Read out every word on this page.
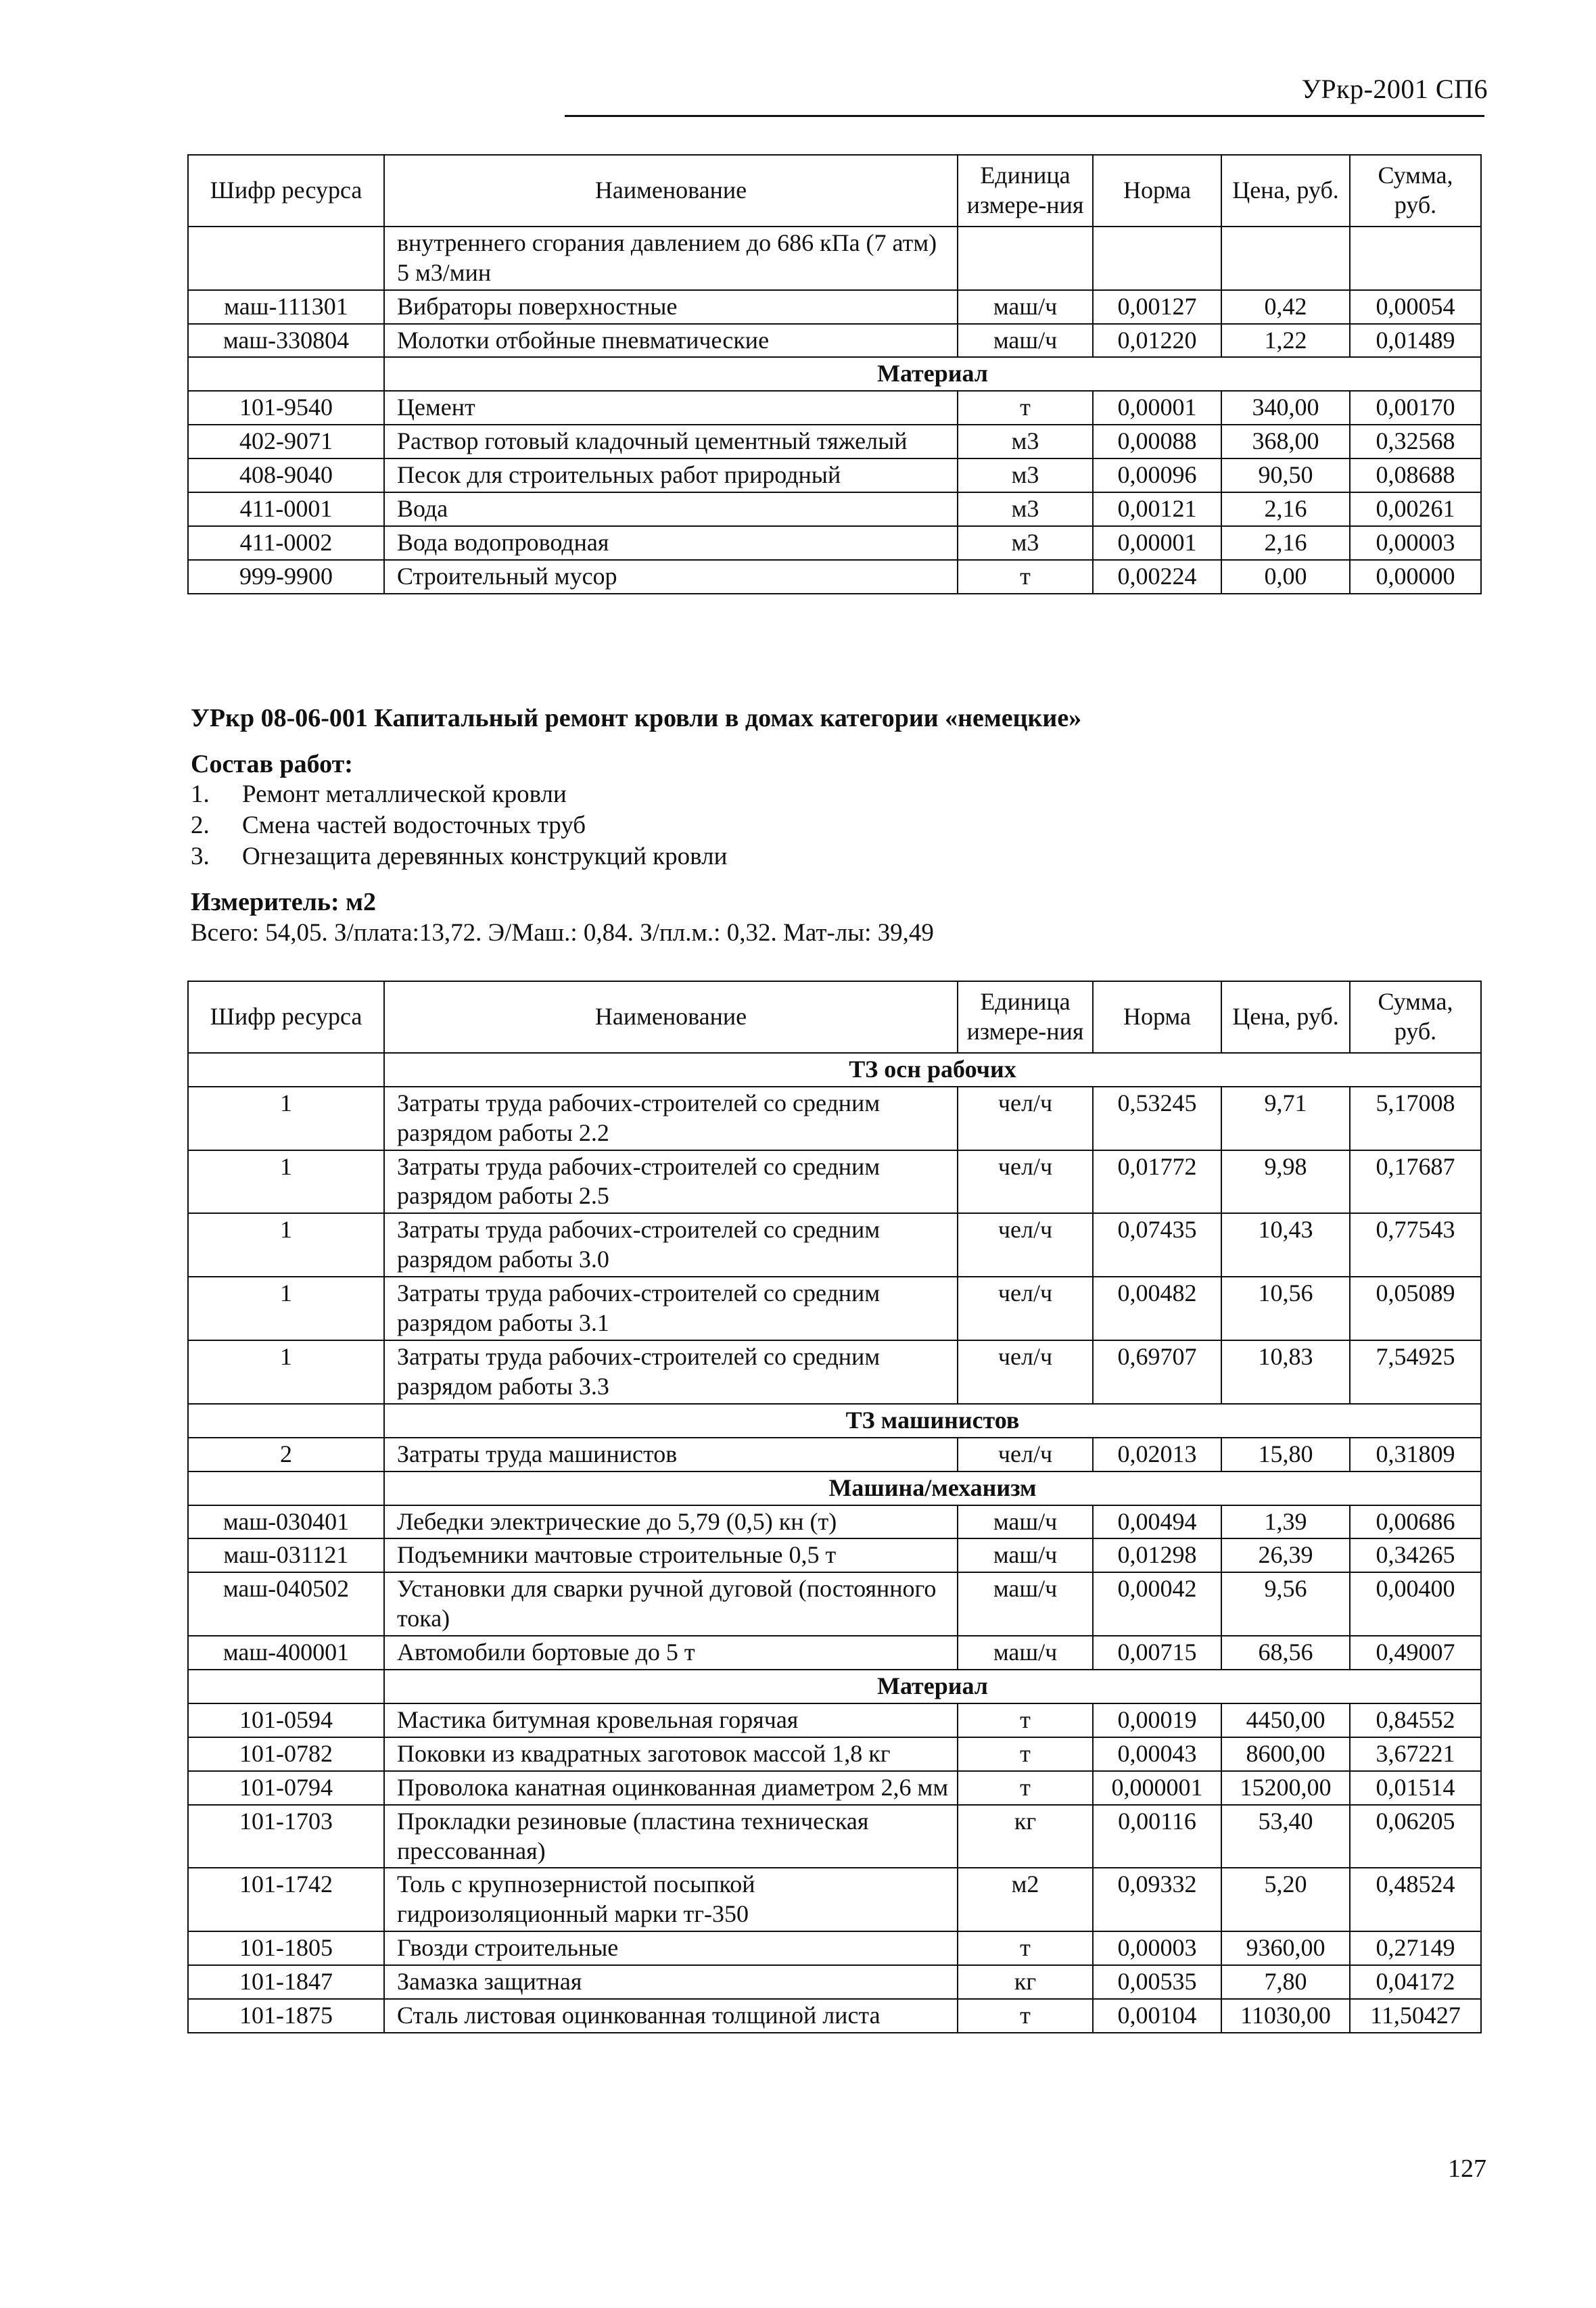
УРкр-2001 СП6
Шифр ресурса	Наименование	Единица измере-ния	Норма	Цена, руб.	Сумма, руб.
	внутреннего сгорания давлением до 686 кПа (7 атм) 5 м3/мин				
маш-111301	Вибраторы поверхностные	маш/ч	0,00127	0,42	0,00054
маш-330804	Молотки отбойные пневматические	маш/ч	0,01220	1,22	0,01489
	Материал				
101-9540	Цемент	т	0,00001	340,00	0,00170
402-9071	Раствор готовый кладочный цементный тяжелый	м3	0,00088	368,00	0,32568
408-9040	Песок для строительных работ природный	м3	0,00096	90,50	0,08688
411-0001	Вода	м3	0,00121	2,16	0,00261
411-0002	Вода водопроводная	м3	0,00001	2,16	0,00003
999-9900	Строительный мусор	т	0,00224	0,00	0,00000
УРкр 08-06-001 Капитальный ремонт кровли в домах категории «немецкие»
Состав работ:
1. Ремонт металлической кровли
2. Смена частей водосточных труб
3. Огнезащита деревянных конструкций кровли
Измеритель: м2
Всего: 54,05. З/плата:13,72. Э/Маш.: 0,84. З/пл.м.: 0,32. Мат-лы: 39,49
Шифр ресурса	Наименование	Единица измере-ния	Норма	Цена, руб.	Сумма, руб.
	ТЗ осн рабочих				
1	Затраты труда рабочих-строителей со средним разрядом работы 2.2	чел/ч	0,53245	9,71	5,17008
1	Затраты труда рабочих-строителей со средним разрядом работы 2.5	чел/ч	0,01772	9,98	0,17687
1	Затраты труда рабочих-строителей со средним разрядом работы 3.0	чел/ч	0,07435	10,43	0,77543
1	Затраты труда рабочих-строителей со средним разрядом работы 3.1	чел/ч	0,00482	10,56	0,05089
1	Затраты труда рабочих-строителей со средним разрядом работы 3.3	чел/ч	0,69707	10,83	7,54925
	ТЗ машинистов				
2	Затраты труда машинистов	чел/ч	0,02013	15,80	0,31809
	Машина/механизм				
маш-030401	Лебедки электрические до 5,79 (0,5) кн (т)	маш/ч	0,00494	1,39	0,00686
маш-031121	Подъемники мачтовые строительные 0,5 т	маш/ч	0,01298	26,39	0,34265
маш-040502	Установки для сварки ручной дуговой (постоянного тока)	маш/ч	0,00042	9,56	0,00400
маш-400001	Автомобили бортовые до 5 т	маш/ч	0,00715	68,56	0,49007
	Материал				
101-0594	Мастика битумная кровельная горячая	т	0,00019	4450,00	0,84552
101-0782	Поковки из квадратных заготовок массой 1,8 кг	т	0,00043	8600,00	3,67221
101-0794	Проволока канатная оцинкованная диаметром 2,6 мм	т	0,000001	15200,00	0,01514
101-1703	Прокладки резиновые (пластина техническая прессованная)	кг	0,00116	53,40	0,06205
101-1742	Толь с крупнозернистой посыпкой гидроизоляционный марки тг-350	м2	0,09332	5,20	0,48524
101-1805	Гвозди строительные	т	0,00003	9360,00	0,27149
101-1847	Замазка защитная	кг	0,00535	7,80	0,04172
101-1875	Сталь листовая оцинкованная толщиной листа	т	0,00104	11030,00	11,50427
127
